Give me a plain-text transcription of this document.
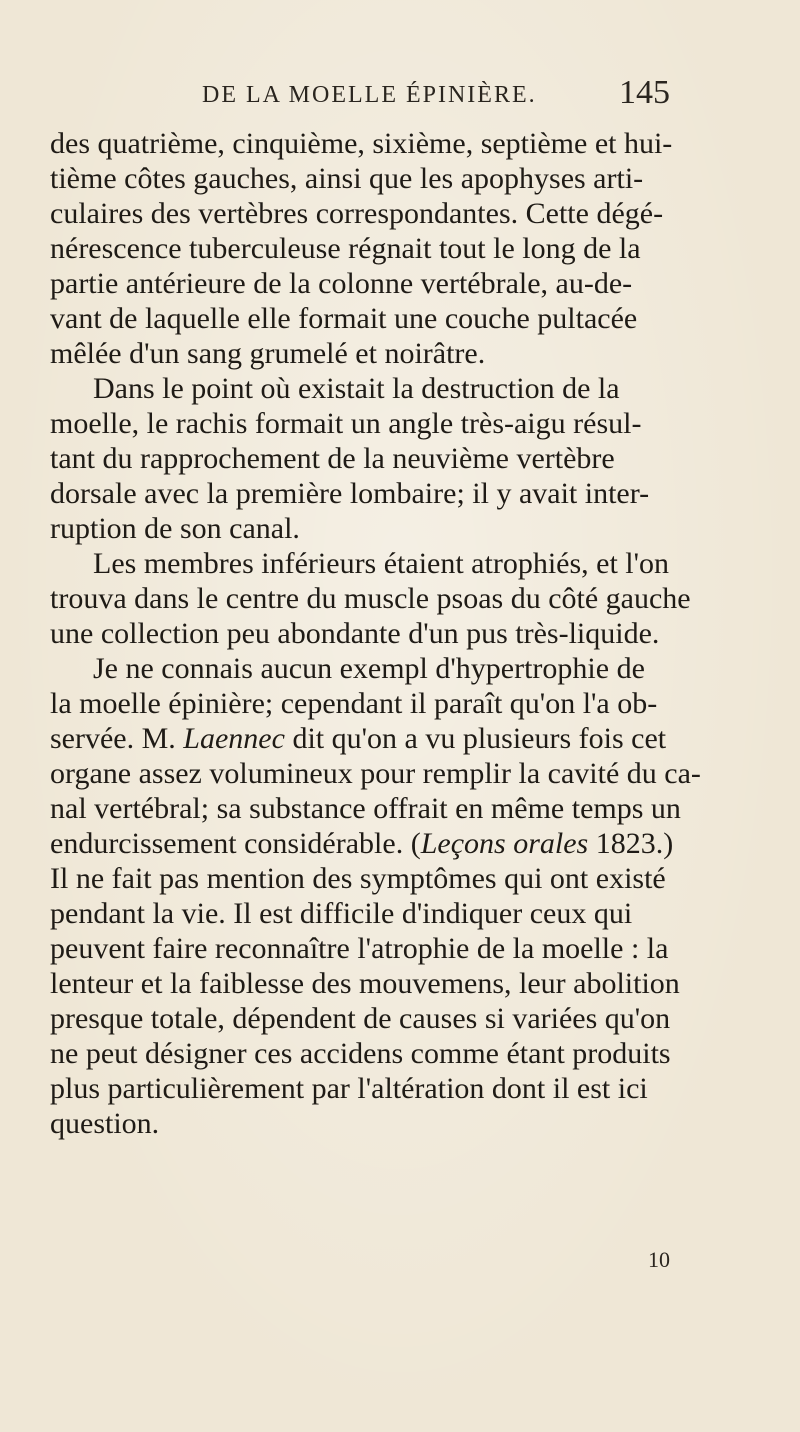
DE LA MOELLE ÉPINIÈRE. 145
des quatrième, cinquième, sixième, septième et hui-
tième côtes gauches, ainsi que les apophyses arti-
culaires des vertèbres correspondantes. Cette dégé-
nérescence tuberculeuse régnait tout le long de la
partie antérieure de la colonne vertébrale, au-de-
vant de laquelle elle formait une couche pultacée
mêlée d'un sang grumelé et noirâtre.
Dans le point où existait la destruction de la
moelle, le rachis formait un angle très-aigu résul-
tant du rapprochement de la neuvième vertèbre
dorsale avec la première lombaire; il y avait inter-
ruption de son canal.
Les membres inférieurs étaient atrophiés, et l'on
trouva dans le centre du muscle psoas du côté gauche
une collection peu abondante d'un pus très-liquide.
Je ne connais aucun exempl d'hypertrophie de
la moelle épinière; cependant il paraît qu'on l'a ob-
servée. M. Laennec dit qu'on a vu plusieurs fois cet
organe assez volumineux pour remplir la cavité du ca-
nal vertébral; sa substance offrait en même temps un
endurcissement considérable. (Leçons orales 1823.)
Il ne fait pas mention des symptômes qui ont existé
pendant la vie. Il est difficile d'indiquer ceux qui
peuvent faire reconnaître l'atrophie de la moelle : la
lenteur et la faiblesse des mouvemens, leur abolition
presque totale, dépendent de causes si variées qu'on
ne peut désigner ces accidens comme étant produits
plus particulièrement par l'altération dont il est ici
question.
10
